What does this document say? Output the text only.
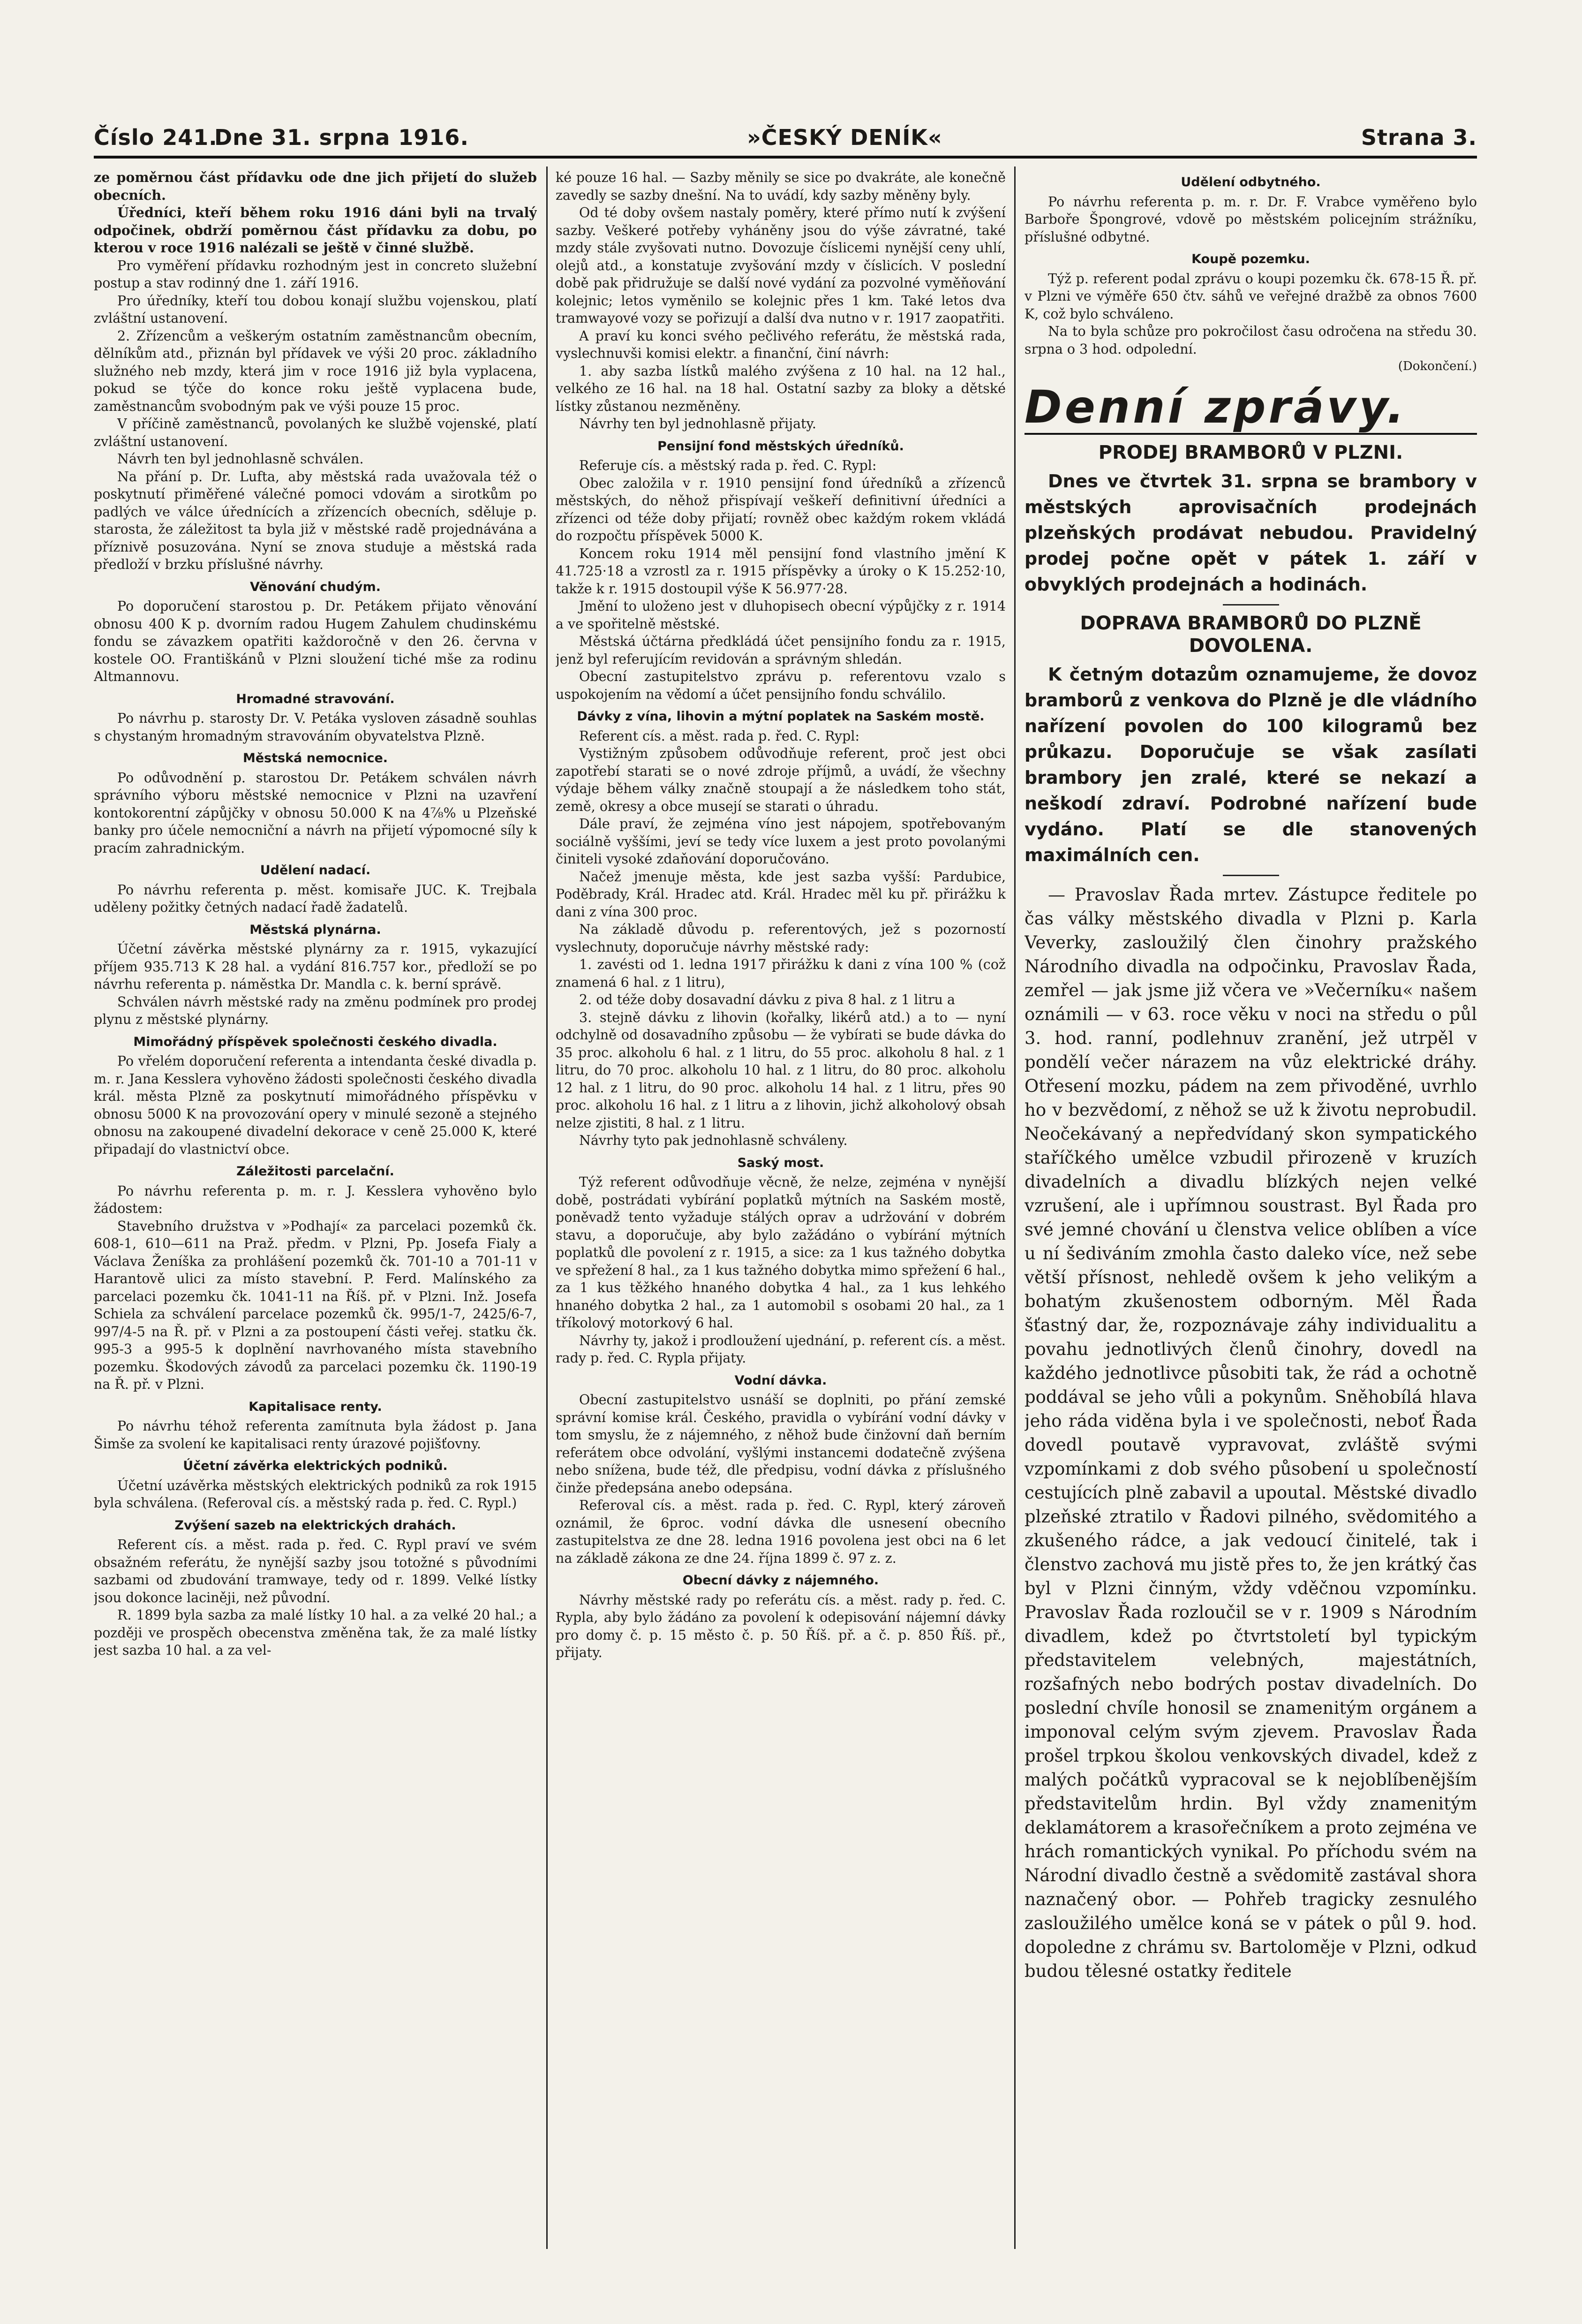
Číslo 241.
Dne 31. srpna 1916.	»ČESKÝ DENÍK«	Strana 3.

ze poměrnou část přídavku ode dne jich přijetí do služeb obecních.

Úředníci, kteří během roku 1916 dáni byli na trvalý odpočinek, obdrží poměrnou část přídavku za dobu, po kterou v roce 1916 nalézali se ještě v činné službě.

Pro vyměření přídavku rozhodným jest in concreto služební postup a stav rodinný dne 1. září 1916.

Pro úředníky, kteří tou dobou konají službu vojenskou, platí zvláštní ustanovení.

2. Zřízencům a veškerým ostatním zaměstnancům obecním, dělníkům atd., přiznán byl přídavek ve výši 20 proc. základního služného neb mzdy, která jim v roce 1916 již byla vyplacena, pokud se týče do konce roku ještě vyplacena bude, zaměstnancům svobodným pak ve výši pouze 15 proc.

V příčině zaměstnanců, povolaných ke službě vojenské, platí zvláštní ustanovení.

Návrh ten byl jednohlasně schválen.

Na přání p. Dr. Lufta, aby městská rada uvažovala též o poskytnutí přiměřené válečné pomoci vdovám a sirotkům po padlých ve válce úřednících a zřízencích obecních, sděluje p. starosta, že záležitost ta byla již v městské radě projednávána a příznivě posuzována. Nyní se znova studuje a městská rada předloží v brzku příslušné návrhy.

Věnování chudým.

Po doporučení starostou p. Dr. Petákem přijato věnování obnosu 400 K p. dvorním radou Hugem Zahulem chudinskému fondu se závazkem opatřiti každoročně v den 26. června v kostele OO. Františkánů v Plzni sloužení tiché mše za rodinu Altmannovu.

Hromadné stravování.

Po návrhu p. starosty Dr. V. Petáka vysloven zásadně souhlas s chystaným hromadným stravováním obyvatelstva Plzně.

Městská nemocnice.

Po odůvodnění p. starostou Dr. Petákem schválen návrh správního výboru městské nemocnice v Plzni na uzavření kontokorentní zápůjčky v obnosu 50.000 K na 4⅞% u Plzeňské banky pro účele nemocniční a návrh na přijetí výpomocné síly k pracím zahradnickým.

Udělení nadací.

Po návrhu referenta p. měst. komisaře JUC. K. Trejbala uděleny požitky četných nadací řadě žadatelů.

Městská plynárna.

Účetní závěrka městské plynárny za r. 1915, vykazující příjem 935.713 K 28 hal. a vydání 816.757 kor., předloží se po návrhu referenta p. náměstka Dr. Mandla c. k. berní správě.

Schválen návrh městské rady na změnu podmínek pro prodej plynu z městské plynárny.

Mimořádný příspěvek společnosti českého divadla.

Po vřelém doporučení referenta a intendanta české divadla p. m. r. Jana Kesslera vyhověno žádosti společnosti českého divadla král. města Plzně za poskytnutí mimořádného příspěvku v obnosu 5000 K na provozování opery v minulé sezoně a stejného obnosu na zakoupené divadelní dekorace v ceně 25.000 K, které připadají do vlastnictví obce.

Záležitosti parcelační.

Po návrhu referenta p. m. r. J. Kesslera vyhověno bylo žádostem:

Stavebního družstva v »Podhají« za parcelaci pozemků čk. 608-1, 610—611 na Praž. předm. v Plzni, Pp. Josefa Fialy a Václava Ženíška za prohlášení pozemků čk. 701-10 a 701-11 v Harantově ulici za místo stavební. P. Ferd. Malínského za parcelaci pozemku čk. 1041-11 na Říš. př. v Plzni. Inž. Josefa Schiela za schválení parcelace pozemků čk. 995/1-7, 2425/6-7, 997/4-5 na Ř. př. v Plzni a za postoupení části veřej. statku čk. 995-3 a 995-5 k doplnění navrhovaného místa stavebního pozemku. Škodových závodů za parcelaci pozemku čk. 1190-19 na Ř. př. v Plzni.

Kapitalisace renty.

Po návrhu téhož referenta zamítnuta byla žádost p. Jana Šimše za svolení ke kapitalisaci renty úrazové pojišťovny.

Účetní závěrka elektrických podniků.

Účetní uzávěrka městských elektrických podniků za rok 1915 byla schválena. (Referoval cís. a městský rada p. řed. C. Rypl.)

Zvýšení sazeb na elektrických drahách.

Referent cís. a měst. rada p. řed. C. Rypl praví ve svém obsažném referátu, že nynější sazby jsou totožné s původními sazbami od zbudování tramwaye, tedy od r. 1899. Velké lístky jsou dokonce laciněji, než původní.

R. 1899 byla sazba za malé lístky 10 hal. a za velké 20 hal.; a později ve prospěch obecenstva změněna tak, že za malé lístky jest sazba 10 hal. a za vel-

ké pouze 16 hal. — Sazby měnily se sice po dvakráte, ale konečně zavedly se sazby dnešní. Na to uvádí, kdy sazby měněny byly.

Od té doby ovšem nastaly poměry, které přímo nutí k zvýšení sazby. Veškeré potřeby vyháněny jsou do výše závratné, také mzdy stále zvyšovati nutno. Dovozuje číslicemi nynější ceny uhlí, olejů atd., a konstatuje zvyšování mzdy v číslicích. V poslední době pak přidružuje se další nové vydání za pozvolné vyměňování kolejnic; letos vyměnilo se kolejnic přes 1 km. Také letos dva tramwayové vozy se pořizují a další dva nutno v r. 1917 zaopatřiti.

A praví ku konci svého pečlivého referátu, že městská rada, vyslechnuvši komisi elektr. a finanční, činí návrh:

1. aby sazba lístků malého zvýšena z 10 hal. na 12 hal., velkého ze 16 hal. na 18 hal. Ostatní sazby za bloky a dětské lístky zůstanou nezměněny.

Návrhy ten byl jednohlasně přijaty.

Pensijní fond městských úředníků.

Referuje cís. a městský rada p. řed. C. Rypl:

Obec založila v r. 1910 pensijní fond úředníků a zřízenců městských, do něhož přispívají veškeří definitivní úředníci a zřízenci od téže doby přijatí; rovněž obec každým rokem vkládá do rozpočtu příspěvek 5000 K.

Koncem roku 1914 měl pensijní fond vlastního jmění K 41.725·18 a vzrostl za r. 1915 příspěvky a úroky o K 15.252·10, takže k r. 1915 dostoupil výše K 56.977·28.

Jmění to uloženo jest v dluhopisech obecní výpůjčky z r. 1914 a ve spořitelně městské.

Městská účtárna předkládá účet pensijního fondu za r. 1915, jenž byl referujícím revidován a správným shledán.

Obecní zastupitelstvo zprávu p. referentovu vzalo s uspokojením na vědomí a účet pensijního fondu schválilo.

Dávky z vína, lihovin a mýtní poplatek na Saském mostě.

Referent cís. a měst. rada p. řed. C. Rypl:

Vystižným způsobem odůvodňuje referent, proč jest obci zapotřebí starati se o nové zdroje příjmů, a uvádí, že všechny výdaje během války značně stoupají a že následkem toho stát, země, okresy a obce musejí se starati o úhradu.

Dále praví, že zejména víno jest nápojem, spotřebovaným sociálně vyššími, jeví se tedy více luxem a jest proto povolanými činiteli vysoké zdaňování doporučováno.

Načež jmenuje města, kde jest sazba vyšší: Pardubice, Poděbrady, Král. Hradec atd. Král. Hradec měl ku př. přirážku k dani z vína 300 proc.

Na základě důvodu p. referentových, jež s pozorností vyslechnuty, doporučuje návrhy městské rady:

1. zavésti od 1. ledna 1917 přirážku k dani z vína 100 % (což znamená 6 hal. z 1 litru),

2. od téže doby dosavadní dávku z piva 8 hal. z 1 litru a

3. stejně dávku z lihovin (kořalky, likérů atd.) a to — nyní odchylně od dosavadního způsobu — že vybírati se bude dávka do 35 proc. alkoholu 6 hal. z 1 litru, do 55 proc. alkoholu 8 hal. z 1 litru, do 70 proc. alkoholu 10 hal. z 1 litru, do 80 proc. alkoholu 12 hal. z 1 litru, do 90 proc. alkoholu 14 hal. z 1 litru, přes 90 proc. alkoholu 16 hal. z 1 litru a z lihovin, jichž alkoholový obsah nelze zjistiti, 8 hal. z 1 litru.

Návrhy tyto pak jednohlasně schváleny.

Saský most.

Týž referent odůvodňuje věcně, že nelze, zejména v nynější době, postrádati vybírání poplatků mýtních na Saském mostě, poněvadž tento vyžaduje stálých oprav a udržování v dobrém stavu, a doporučuje, aby bylo zažádáno o vybírání mýtních poplatků dle povolení z r. 1915, a sice: za 1 kus tažného dobytka ve spřežení 8 hal., za 1 kus tažného dobytka mimo spřežení 6 hal., za 1 kus těžkého hnaného dobytka 4 hal., za 1 kus lehkého hnaného dobytka 2 hal., za 1 automobil s osobami 20 hal., za 1 tříkolový motorkový 6 hal.

Návrhy ty, jakož i prodloužení ujednání, p. referent cís. a měst. rady p. řed. C. Rypla přijaty.

Vodní dávka.

Obecní zastupitelstvo usnáší se doplniti, po přání zemské správní komise král. Českého, pravidla o vybírání vodní dávky v tom smyslu, že z nájemného, z něhož bude činžovní daň berním referátem obce odvolání, vyšlými instancemi dodatečně zvýšena nebo snížena, bude též, dle předpisu, vodní dávka z příslušného činže předepsána anebo odepsána.

Referoval cís. a měst. rada p. řed. C. Rypl, který zároveň oznámil, že 6proc. vodní dávka dle usnesení obecního zastupitelstva ze dne 28. ledna 1916 povolena jest obci na 6 let na základě zákona ze dne 24. října 1899 č. 97 z. z.

Obecní dávky z nájemného.

Návrhy městské rady po referátu cís. a měst. rady p. řed. C. Rypla, aby bylo žádáno za povolení k odepisování nájemní dávky pro domy č. p. 15 město č. p. 50 Říš. př. a č. p. 850 Říš. př., přijaty.

Udělení odbytného.

Po návrhu referenta p. m. r. Dr. F. Vrabce vyměřeno bylo Barboře Špongrové, vdově po městském policejním strážníku, příslušné odbytné.

Koupě pozemku.

Týž p. referent podal zprávu o koupi pozemku čk. 678-15 Ř. př. v Plzni ve výměře 650 čtv. sáhů ve veřejné dražbě za obnos 7600 K, což bylo schváleno.

Na to byla schůze pro pokročilost času odročena na středu 30. srpna o 3 hod. odpolední.

(Dokončení.)
Denní zprávy.
PRODEJ BRAMBORŮ V PLZNI.

Dnes ve čtvrtek 31. srpna se brambory v městských aprovisačních prodejnách plzeňských prodávat nebudou. Pravidelný prodej počne opět v pátek 1. září v obvyklých prodejnách a hodinách.

DOPRAVA BRAMBORŮ DO PLZNĚ DOVOLENA.

K četným dotazům oznamujeme, že dovoz bramborů z venkova do Plzně je dle vládního nařízení povolen do 100 kilogramů bez průkazu. Doporučuje se však zasílati brambory jen zralé, které se nekazí a neškodí zdraví. Podrobné nařízení bude vydáno. Platí se dle stanovených maximálních cen.

— Pravoslav Řada mrtev. Zástupce ředitele po čas války městského divadla v Plzni p. Karla Veverky, zasloužilý člen činohry pražského Národního divadla na odpočinku, Pravoslav Řada, zemřel — jak jsme již včera ve »Večerníku« našem oznámili — v 63. roce věku v noci na středu o půl 3. hod. ranní, podlehnuv zranění, jež utrpěl v pondělí večer nárazem na vůz elektrické dráhy. Otřesení mozku, pádem na zem přivoděné, uvrhlo ho v bezvědomí, z něhož se už k životu neprobudil. Neočekávaný a nepředvídaný skon sympatického staříčkého umělce vzbudil přirozeně v kruzích divadelních a divadlu blízkých nejen velké vzrušení, ale i upřímnou soustrast. Byl Řada pro své jemné chování u členstva velice oblíben a více u ní šediváním zmohla často daleko více, než sebe větší přísnost, nehledě ovšem k jeho velikým a bohatým zkušenostem odborným. Měl Řada šťastný dar, že, rozpoznávaje záhy individualitu a povahu jednotlivých členů činohry, dovedl na každého jednotlivce působiti tak, že rád a ochotně poddával se jeho vůli a pokynům. Sněhobílá hlava jeho ráda viděna byla i ve společnosti, neboť Řada dovedl poutavě vypravovat, zvláště svými vzpomínkami z dob svého působení u společností cestujících plně zabavil a upoutal. Městské divadlo plzeňské ztratilo v Řadovi pilného, svědomitého a zkušeného rádce, a jak vedoucí činitelé, tak i členstvo zachová mu jistě přes to, že jen krátký čas byl v Plzni činným, vždy vděčnou vzpomínku. Pravoslav Řada rozloučil se v r. 1909 s Národním divadlem, kdež po čtvrtstoletí byl typickým představitelem velebných, majestátních, rozšafných nebo bodrých postav divadelních. Do poslední chvíle honosil se znamenitým orgánem a imponoval celým svým zjevem. Pravoslav Řada prošel trpkou školou venkovských divadel, kdež z malých počátků vypracoval se k nejoblíbenějším představitelům hrdin. Byl vždy znamenitým deklamátorem a krasořečníkem a proto zejména ve hrách romantických vynikal. Po příchodu svém na Národní divadlo čestně a svědomitě zastával shora naznačený obor. — Pohřeb tragicky zesnulého zasloužilého umělce koná se v pátek o půl 9. hod. dopoledne z chrámu sv. Bartoloměje v Plzni, odkud budou tělesné ostatky ředitele
